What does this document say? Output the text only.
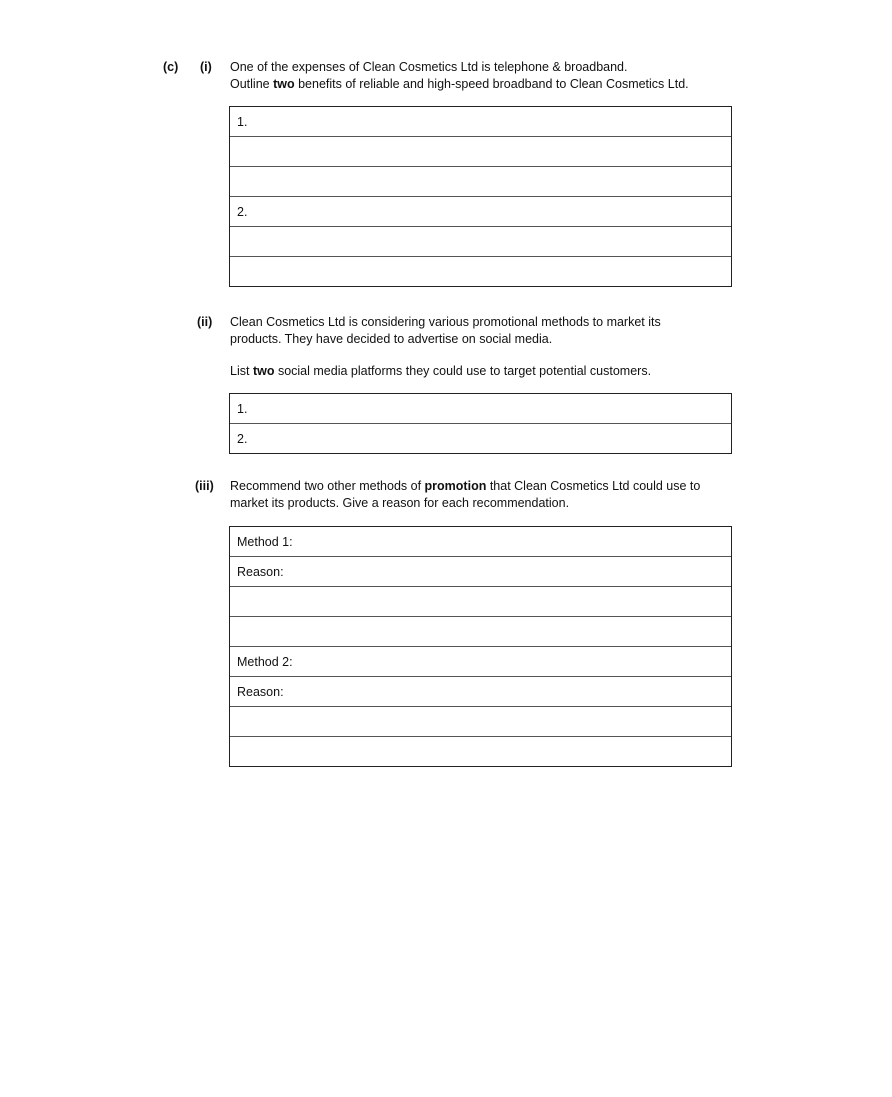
(c) (i) One of the expenses of Clean Cosmetics Ltd is telephone & broadband.

Outline two benefits of reliable and high-speed broadband to Clean Cosmetics Ltd.

1.
2.
(ii) Clean Cosmetics Ltd is considering various promotional methods to market its products. They have decided to advertise on social media.

List two social media platforms they could use to target potential customers.

1.
2.
(iii) Recommend two other methods of promotion that Clean Cosmetics Ltd could use to market its products. Give a reason for each recommendation.

Method 1:
Reason:
Method 2:
Reason:
